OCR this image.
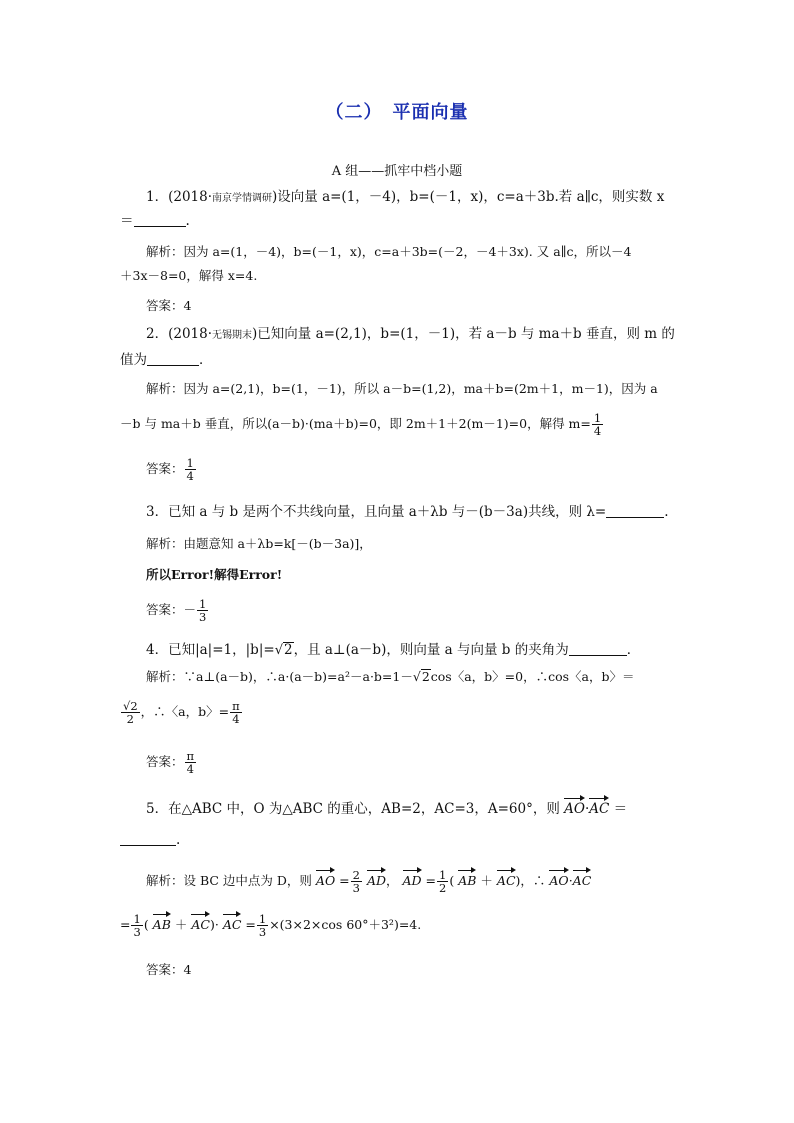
（二）　平面向量
A 组——抓牢中档小题
1．(2018·南京学情调研)设向量 a=(1，－4)，b=(－1，x)，c=a＋3b.若 a∥c，则实数 x
＝	.
解析：因为 a=(1，－4)，b=(－1，x)，c=a＋3b=(－2，－4＋3x). 又 a∥c，所以－4
＋3x－8=0，解得 x=4.
答案：4
2．(2018·无锡期末)已知向量 a=(2,1)，b=(1，－1)，若 a－b 与 ma＋b 垂直，则 m 的
值为	．
解析：因为 a=(2,1)，b=(1，－1)，所以 a－b=(1,2)，ma＋b=(2m＋1，m－1)，因为 a
－b 与 ma＋b 垂直，所以(a－b)·(ma＋b)=0，即 2m＋1＋2(m－1)=0，解得 $m= \frac{1}{4}$
答案： $\frac{1}{4}$
3．已知 a 与 b 是两个不共线向量，且向量 a＋λb 与－(b－3a)共线，则 λ=	.
解析：由题意知 a＋λb=k[－(b－3a)]，
所以Error!解得Error!
答案：－ $\frac{1}{3}$
4．已知|a|=1，|b|=√2，且 a⊥(a－b)，则向量 a 与向量 b 的夹角为	．
解析：∵a⊥(a－b)，∴a·(a－b)=a²－a·b=1－√2cos〈a，b〉=0，∴cos〈a，b〉＝
$\frac{√2}{2}$ ，∴〈a，b〉= $\frac{\pi}{4}$
答案： $\frac{\pi}{4}$
5．在△ABC 中，O 为△ABC 的重心，AB=2，AC=3，A=60°，则 AO·AC ＝
.
解析：设 BC 边中点为 D，则 AO = $\frac{2}{3}$ AD， AD = $\frac{1}{2}$ ( AB ＋ AC)，∴ AO·AC
= $\frac{1}{3}$ ( AB ＋ AC)· AC = $\frac{1}{3} \times(3\times 2\times\cos$ 60°＋3²)=4.
答案：4
